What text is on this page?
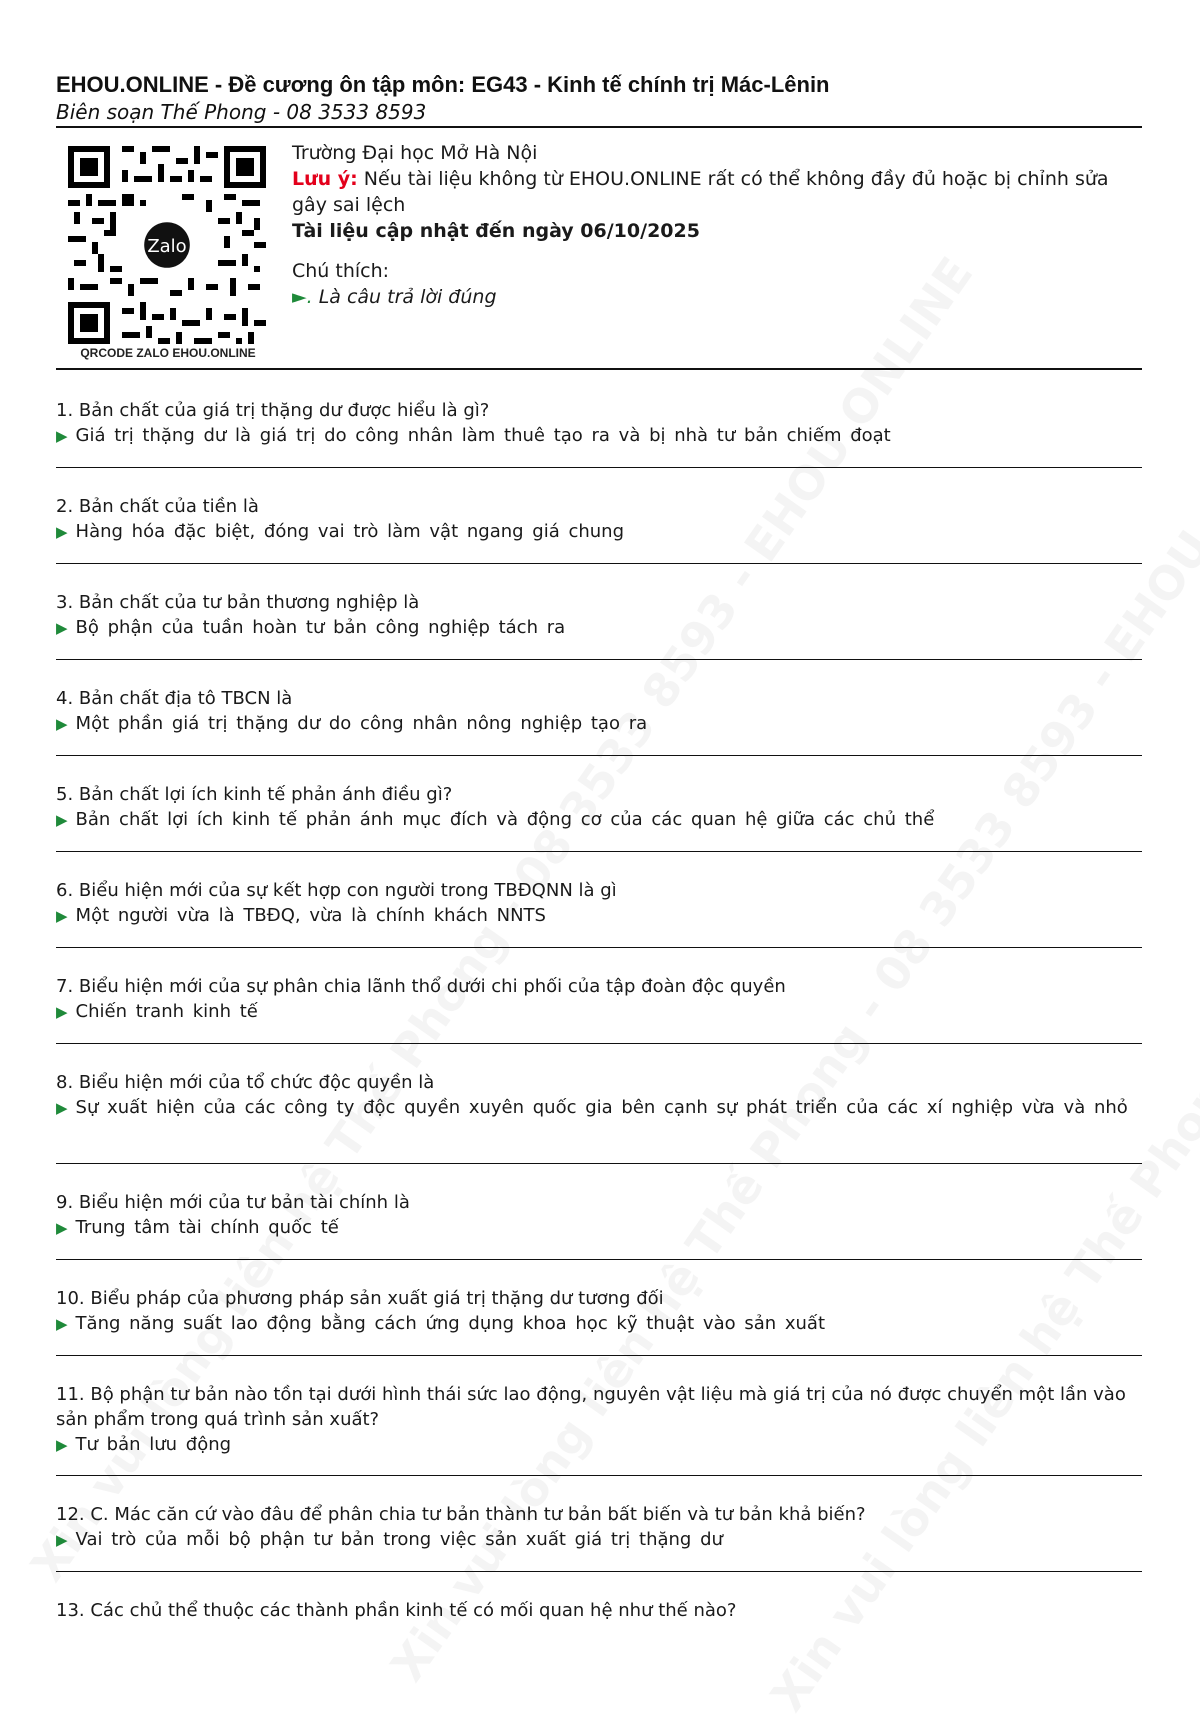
EHOU.ONLINE - Đề cương ôn tập môn: EG43 - Kinh tế chính trị Mác-Lênin
Biên soạn Thế Phong - 08 3533 8593
Zalo
QRCODE ZALO EHOU.ONLINE
Trường Đại học Mở Hà Nội
Lưu ý: Nếu tài liệu không từ EHOU.ONLINE rất có thể không đầy đủ hoặc bị chỉnh sửa gây sai lệch
Tài liệu cập nhật đến ngày 06/10/2025
Chú thích:
►. Là câu trả lời đúng
1. Bản chất của giá trị thặng dư được hiểu là gì?
▶ Giá trị thặng dư là giá trị do công nhân làm thuê tạo ra và bị nhà tư bản chiếm đoạt
2. Bản chất của tiền là
▶ Hàng hóa đặc biệt, đóng vai trò làm vật ngang giá chung
3. Bản chất của tư bản thương nghiệp là
▶ Bộ phận của tuần hoàn tư bản công nghiệp tách ra
4. Bản chất địa tô TBCN là
▶ Một phần giá trị thặng dư do công nhân nông nghiệp tạo ra
5. Bản chất lợi ích kinh tế phản ánh điều gì?
▶ Bản chất lợi ích kinh tế phản ánh mục đích và động cơ của các quan hệ giữa các chủ thể
6. Biểu hiện mới của sự kết hợp con người trong TBĐQNN là gì
▶ Một người vừa là TBĐQ, vừa là chính khách NNTS
7. Biểu hiện mới của sự phân chia lãnh thổ dưới chi phối của tập đoàn độc quyền
▶ Chiến tranh kinh tế
8. Biểu hiện mới của tổ chức độc quyền là
▶ Sự xuất hiện của các công ty độc quyền xuyên quốc gia bên cạnh sự phát triển của các xí nghiệp vừa và nhỏ
9. Biểu hiện mới của tư bản tài chính là
▶ Trung tâm tài chính quốc tế
10. Biểu pháp của phương pháp sản xuất giá trị thặng dư tương đối
▶ Tăng năng suất lao động bằng cách ứng dụng khoa học kỹ thuật vào sản xuất
11. Bộ phận tư bản nào tồn tại dưới hình thái sức lao động, nguyên vật liệu mà giá trị của nó được chuyển một lần vào sản phẩm trong quá trình sản xuất?
▶ Tư bản lưu động
12. C. Mác căn cứ vào đâu để phân chia tư bản thành tư bản bất biến và tư bản khả biến?
▶ Vai trò của mỗi bộ phận tư bản trong việc sản xuất giá trị thặng dư
13. Các chủ thể thuộc các thành phần kinh tế có mối quan hệ như thế nào?
